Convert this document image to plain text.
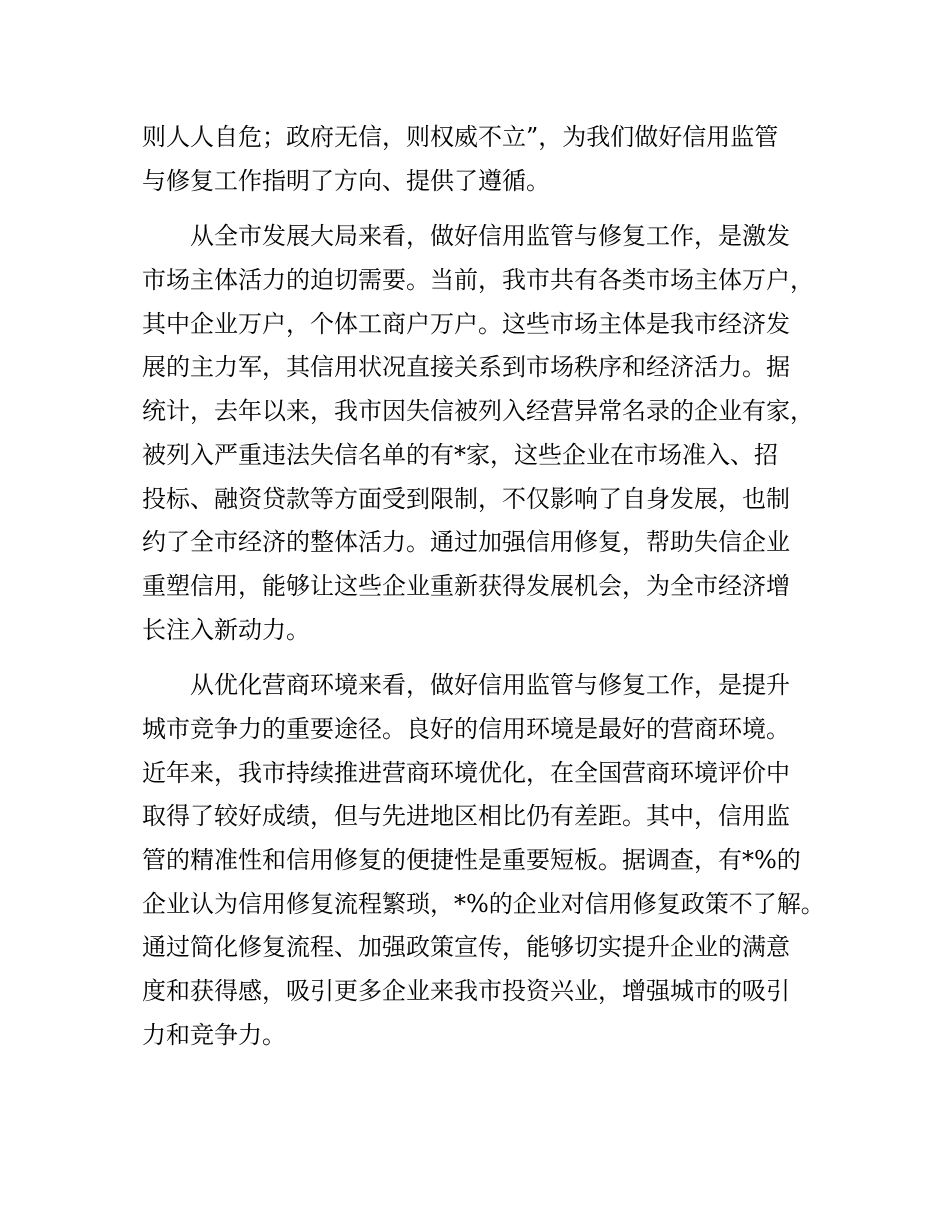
则人人自危；政府无信，则权威不立”，为我们做好信用监管

与修复工作指明了方向、提供了遵循。

从全市发展大局来看，做好信用监管与修复工作，是激发

市场主体活力的迫切需要。当前，我市共有各类市场主体万户，

其中企业万户，个体工商户万户。这些市场主体是我市经济发

展的主力军，其信用状况直接关系到市场秩序和经济活力。据

统计，去年以来，我市因失信被列入经营异常名录的企业有家，

被列入严重违法失信名单的有*家，这些企业在市场准入、招

投标、融资贷款等方面受到限制，不仅影响了自身发展，也制

约了全市经济的整体活力。通过加强信用修复，帮助失信企业

重塑信用，能够让这些企业重新获得发展机会，为全市经济增

长注入新动力。

从优化营商环境来看，做好信用监管与修复工作，是提升

城市竞争力的重要途径。良好的信用环境是最好的营商环境。

近年来，我市持续推进营商环境优化，在全国营商环境评价中

取得了较好成绩，但与先进地区相比仍有差距。其中，信用监

管的精准性和信用修复的便捷性是重要短板。据调查，有*%的

企业认为信用修复流程繁琐，*%的企业对信用修复政策不了解。

通过简化修复流程、加强政策宣传，能够切实提升企业的满意

度和获得感，吸引更多企业来我市投资兴业，增强城市的吸引

力和竞争力。
